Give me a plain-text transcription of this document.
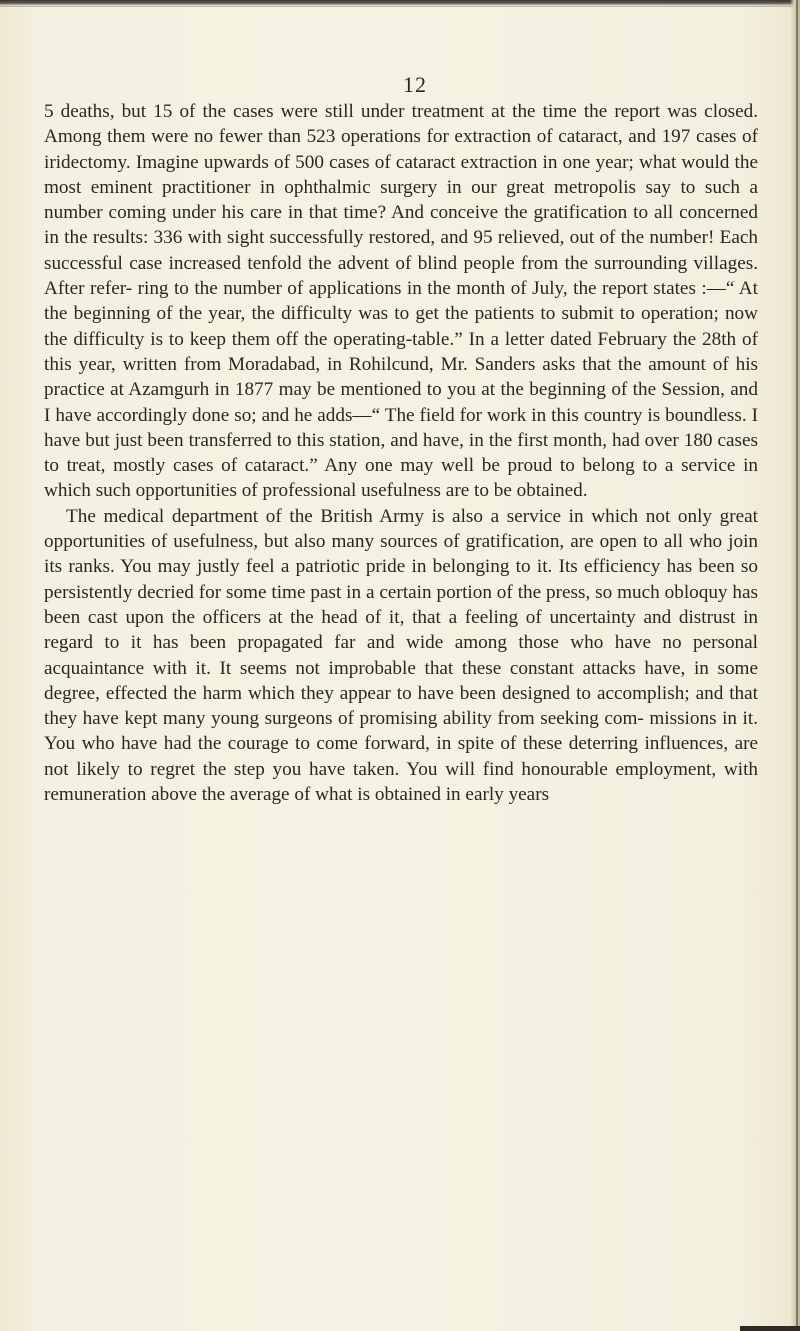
12

5 deaths, but 15 of the cases were still under treatment at the time the report was closed. Among them were no fewer than 523 operations for extraction of cataract, and 197 cases of iridectomy. Imagine upwards of 500 cases of cataract extraction in one year; what would the most eminent practitioner in ophthalmic surgery in our great metropolis say to such a number coming under his care in that time? And conceive the gratification to all concerned in the results: 336 with sight successfully restored, and 95 relieved, out of the number! Each successful case increased tenfold the advent of blind people from the surrounding villages. After refer- ring to the number of applications in the month of July, the report states :—“ At the beginning of the year, the difficulty was to get the patients to submit to operation; now the difficulty is to keep them off the operating-table.” In a letter dated February the 28th of this year, written from Moradabad, in Rohilcund, Mr. Sanders asks that the amount of his practice at Azamgurh in 1877 may be mentioned to you at the beginning of the Session, and I have accordingly done so; and he adds—“ The field for work in this country is boundless. I have but just been transferred to this station, and have, in the first month, had over 180 cases to treat, mostly cases of cataract.” Any one may well be proud to belong to a service in which such opportunities of professional usefulness are to be obtained.

The medical department of the British Army is also a service in which not only great opportunities of usefulness, but also many sources of gratification, are open to all who join its ranks. You may justly feel a patriotic pride in belonging to it. Its efficiency has been so persistently decried for some time past in a certain portion of the press, so much obloquy has been cast upon the officers at the head of it, that a feeling of uncertainty and distrust in regard to it has been propagated far and wide among those who have no personal acquaintance with it. It seems not improbable that these constant attacks have, in some degree, effected the harm which they appear to have been designed to accomplish; and that they have kept many young surgeons of promising ability from seeking com- missions in it. You who have had the courage to come forward, in spite of these deterring influences, are not likely to regret the step you have taken. You will find honourable employment, with remuneration above the average of what is obtained in early years
